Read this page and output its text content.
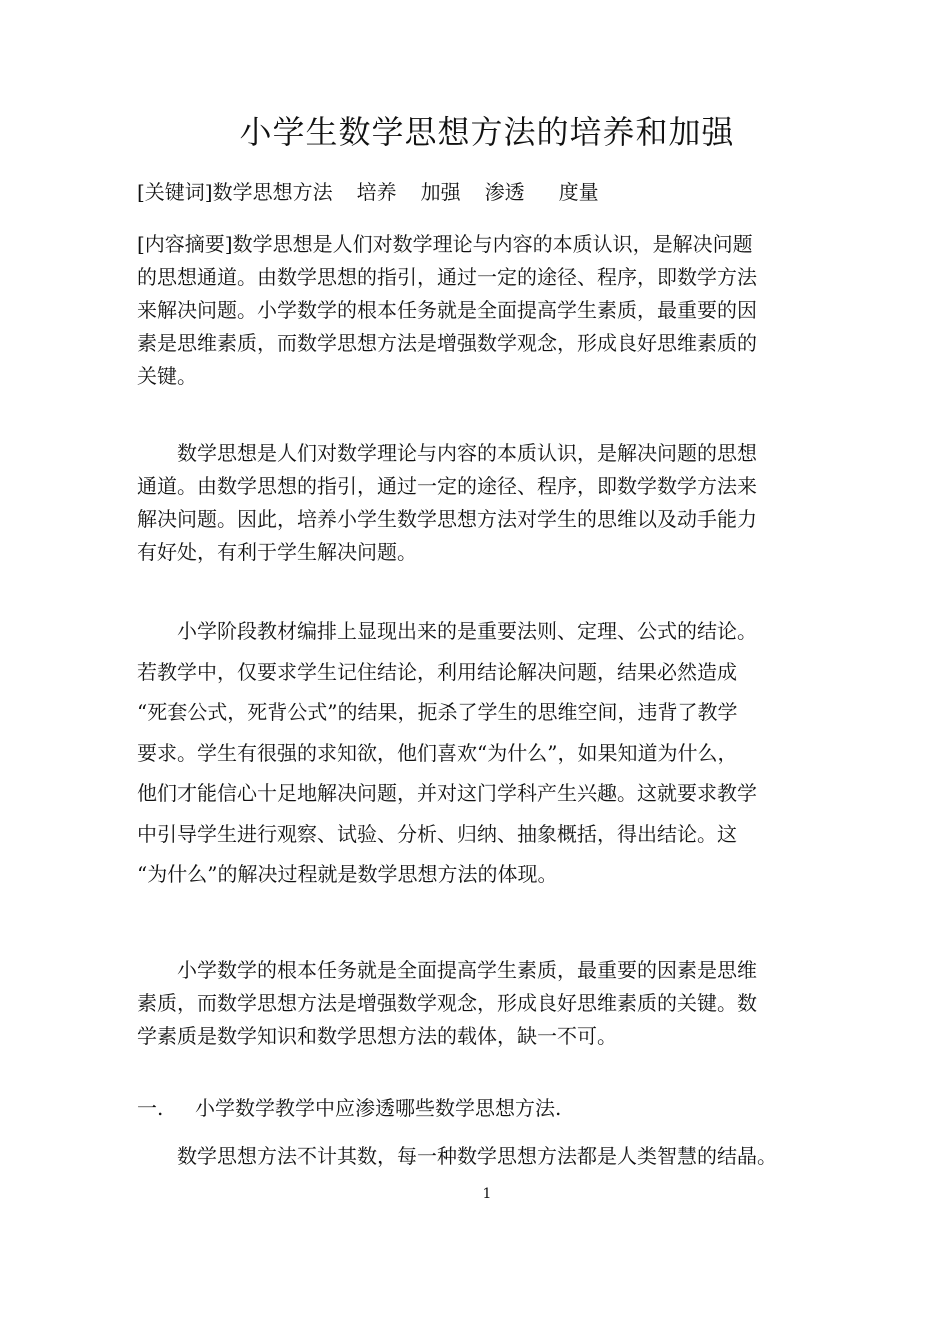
小学生数学思想方法的培养和加强
[关键词]数学思想方法 培养 加强 渗透 度量
[内容摘要]数学思想是人们对数学理论与内容的本质认识，是解决问题
的思想通道。由数学思想的指引，通过一定的途径、程序，即数学方法
来解决问题。小学数学的根本任务就是全面提高学生素质，最重要的因
素是思维素质，而数学思想方法是增强数学观念，形成良好思维素质的
关键。
　　数学思想是人们对数学理论与内容的本质认识，是解决问题的思想
通道。由数学思想的指引，通过一定的途径、程序，即数学数学方法来
解决问题。因此，培养小学生数学思想方法对学生的思维以及动手能力
有好处，有利于学生解决问题。
　　小学阶段教材编排上显现出来的是重要法则、定理、公式的结论。
若教学中，仅要求学生记住结论，利用结论解决问题，结果必然造成
“死套公式，死背公式”的结果，扼杀了学生的思维空间，违背了教学
要求。学生有很强的求知欲，他们喜欢“为什么”，如果知道为什么，
他们才能信心十足地解决问题，并对这门学科产生兴趣。这就要求教学
中引导学生进行观察、试验、分析、归纳、抽象概括，得出结论。这
“为什么”的解决过程就是数学思想方法的体现。
　　小学数学的根本任务就是全面提高学生素质，最重要的因素是思维
素质，而数学思想方法是增强数学观念，形成良好思维素质的关键。数
学素质是数学知识和数学思想方法的载体，缺一不可。
一. 小学数学教学中应渗透哪些数学思想方法.
　　数学思想方法不计其数，每一种数学思想方法都是人类智慧的结晶。
1
